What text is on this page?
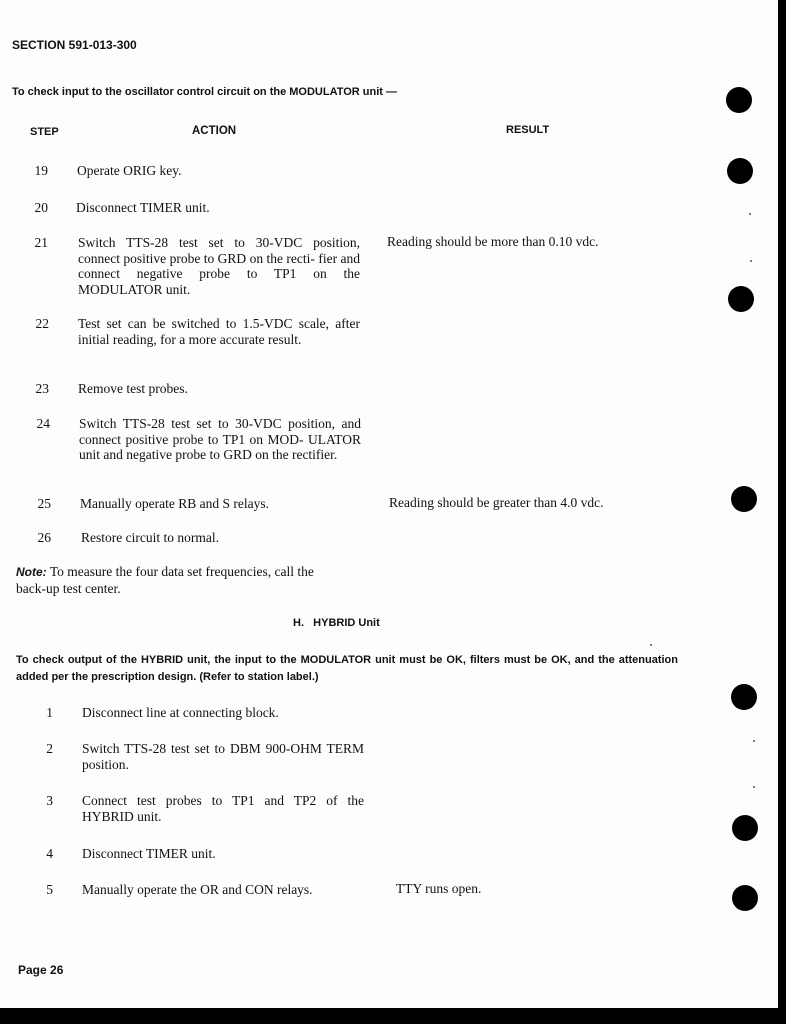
SECTION 591-013-300
To check input to the oscillator control circuit on the MODULATOR unit —
STEP	ACTION	RESULT
19 Operate ORIG key.
20 Disconnect TIMER unit.
21 Switch TTS-28 test set to 30-VDC position, connect positive probe to GRD on the recti- fier and connect negative probe to TP1 on the MODULATOR unit.
Reading should be more than 0.10 vdc.
22 Test set can be switched to 1.5-VDC scale, after initial reading, for a more accurate result.
23 Remove test probes.
24 Switch TTS-28 test set to 30-VDC position, and connect positive probe to TP1 on MOD- ULATOR unit and negative probe to GRD on the rectifier.
25 Manually operate RB and S relays.	Reading should be greater than 4.0 vdc.
26 Restore circuit to normal.
Note: To measure the four data set frequencies, call the back-up test center.
H.   HYBRID Unit
To check output of the HYBRID unit, the input to the MODULATOR unit must be OK, filters must be OK, and the attenuation added per the prescription design. (Refer to station label.)
1 Disconnect line at connecting block.
2 Switch TTS-28 test set to DBM 900-OHM TERM position.
3 Connect test probes to TP1 and TP2 of the HYBRID unit.
4 Disconnect TIMER unit.
5 Manually operate the OR and CON relays.	TTY runs open.
Page 26
